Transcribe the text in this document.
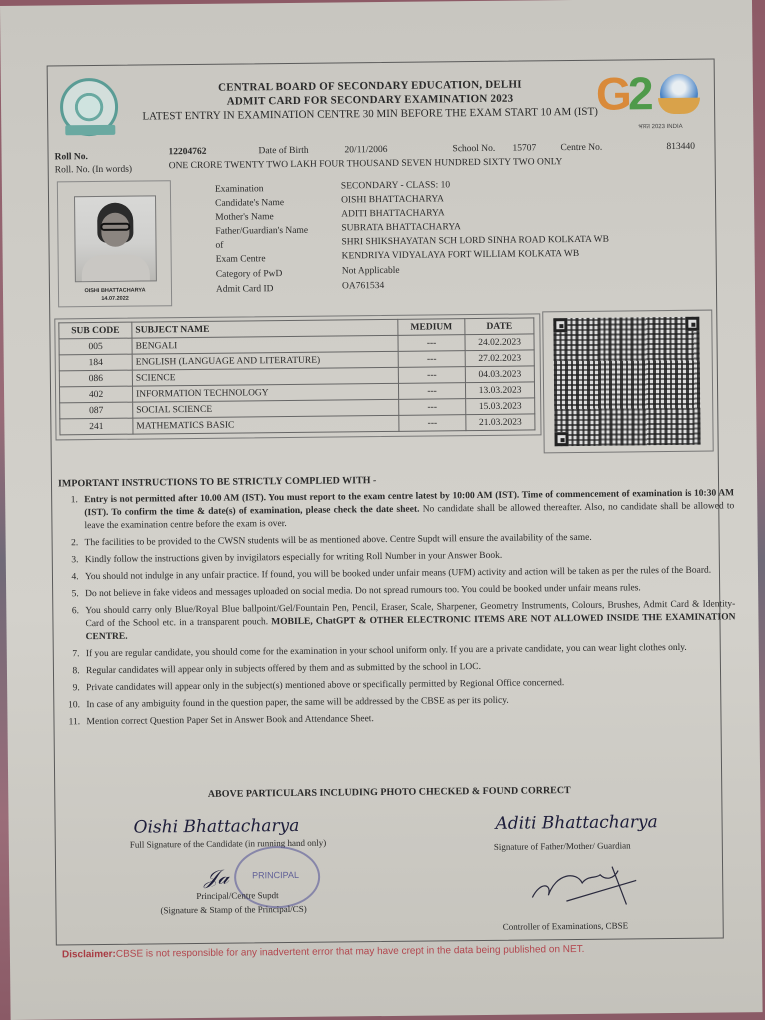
CENTRAL BOARD OF SECONDARY EDUCATION, DELHI
ADMIT CARD FOR SECONDARY EXAMINATION 2023
LATEST ENTRY IN EXAMINATION CENTRE 30 MIN BEFORE THE EXAM START 10 AM (IST)
G
2
भारत 2023 INDIA
Roll No.
12204762	Date of Birth	20/11/2006	School No. 15707	Centre No.	813440
Roll. No. (In words)	ONE CRORE TWENTY TWO LAKH FOUR THOUSAND SEVEN HUNDRED SIXTY TWO ONLY
OISHI BHATTACHARYA
14.07.2022
Examination	SECONDARY - CLASS: 10
Candidate's Name	OISHI BHATTACHARYA
Mother's Name	ADITI BHATTACHARYA
Father/Guardian's Name	SUBRATA BHATTACHARYA
of	SHRI SHIKSHAYATAN SCH LORD SINHA ROAD KOLKATA WB
Exam Centre	KENDRIYA VIDYALAYA FORT WILLIAM KOLKATA WB
Category of PwD	Not Applicable
Admit Card ID	OA761534
SUB CODE	SUBJECT NAME	MEDIUM	DATE
005	BENGALI	---	24.02.2023
184	ENGLISH (LANGUAGE AND LITERATURE)	---	27.02.2023
086	SCIENCE	---	04.03.2023
402	INFORMATION TECHNOLOGY	---	13.03.2023
087	SOCIAL SCIENCE	---	15.03.2023
241	MATHEMATICS BASIC	---	21.03.2023
IMPORTANT INSTRUCTIONS TO BE STRICTLY COMPLIED WITH -
1. Entry is not permitted after 10.00 AM (IST). You must report to the exam centre latest by 10:00 AM (IST). Time of commencement of examination is 10:30 AM (IST). To confirm the time & date(s) of examination, please check the date sheet. No candidate shall be allowed thereafter. Also, no candidate shall be allowed to leave the examination centre before the exam is over.
2. The facilities to be provided to the CWSN students will be as mentioned above. Centre Supdt will ensure the availability of the same.
3. Kindly follow the instructions given by invigilators especially for writing Roll Number in your Answer Book.
4. You should not indulge in any unfair practice. If found, you will be booked under unfair means (UFM) activity and action will be taken as per the rules of the Board.
5. Do not believe in fake videos and messages uploaded on social media. Do not spread rumours too. You could be booked under unfair means rules.
6. You should carry only Blue/Royal Blue ballpoint/Gel/Fountain Pen, Pencil, Eraser, Scale, Sharpener, Geometry Instruments, Colours, Brushes, Admit Card & Identity-Card of the School etc. in a transparent pouch. MOBILE, ChatGPT & OTHER ELECTRONIC ITEMS ARE NOT ALLOWED INSIDE THE EXAMINATION CENTRE.
7. If you are regular candidate, you should come for the examination in your school uniform only. If you are a private candidate, you can wear light clothes only.
8. Regular candidates will appear only in subjects offered by them and as submitted by the school in LOC.
9. Private candidates will appear only in the subject(s) mentioned above or specifically permitted by Regional Office concerned.
10. In case of any ambiguity found in the question paper, the same will be addressed by the CBSE as per its policy.
11. Mention correct Question Paper Set in Answer Book and Attendance Sheet.
ABOVE PARTICULARS INCLUDING PHOTO CHECKED & FOUND CORRECT
Oishi Bhattacharya
Full Signature of the Candidate (in running hand only)
Aditi Bhattacharya
Signature of Father/Mother/ Guardian
PRINCIPAL
𝒥𝒶
Principal/Centre Supdt
(Signature & Stamp of the Principal/CS)
Controller of Examinations, CBSE
Disclaimer:CBSE is not responsible for any inadvertent error that may have crept in the data being published on NET.
